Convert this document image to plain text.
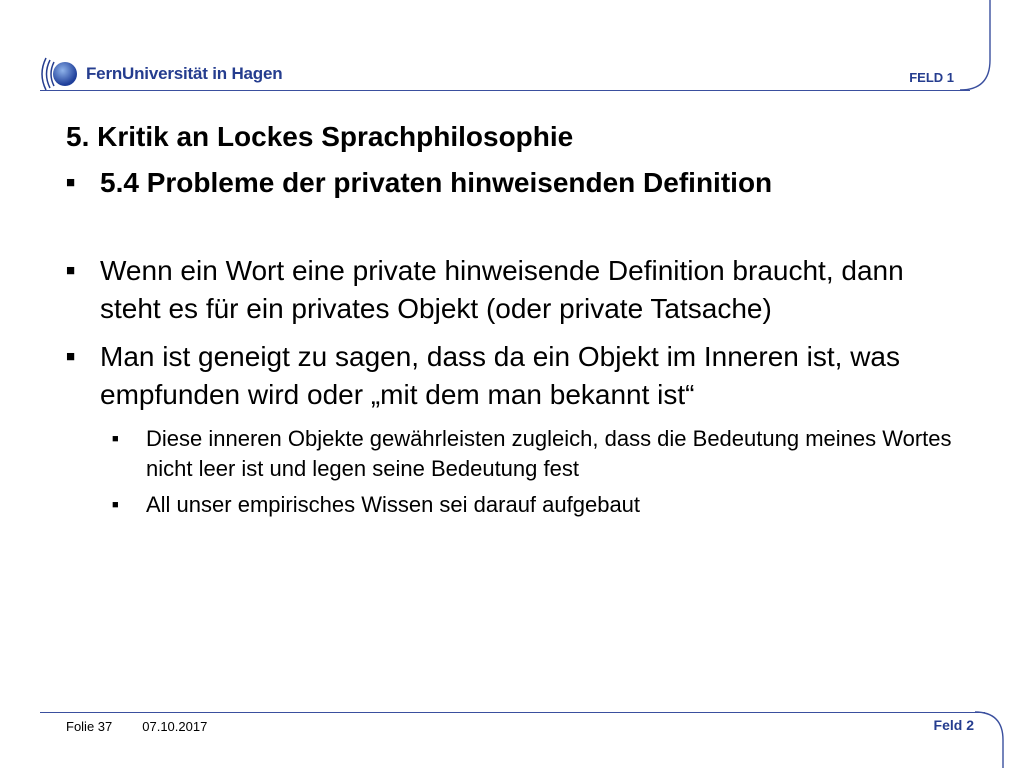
FernUniversität in Hagen	FELD 1
5. Kritik an Lockes Sprachphilosophie
■ 5.4 Probleme der privaten hinweisenden Definition
■ Wenn ein Wort eine private hinweisende Definition braucht, dann steht es für ein privates Objekt (oder private Tatsache)
■ Man ist geneigt zu sagen, dass da ein Objekt im Inneren ist, was empfunden wird oder „mit dem man bekannt ist“
■	Diese inneren Objekte gewährleisten zugleich, dass die Bedeutung meines Wortes nicht leer ist und legen seine Bedeutung fest
■	All unser empirisches Wissen sei darauf aufgebaut
Folie 37 07.10.2017	Feld 2
